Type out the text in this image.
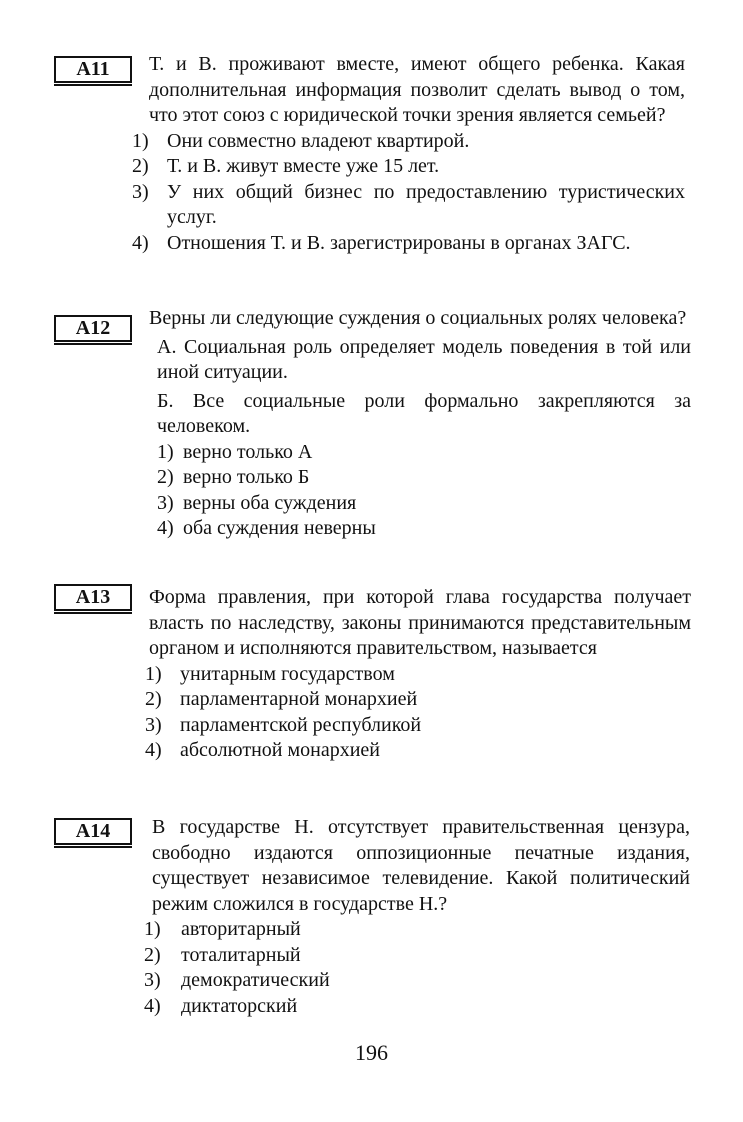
A11	Т. и В. проживают вместе, имеют общего ребенка. Какая дополнительная информация позволит сделать вывод о том, что этот союз с юридической точки зрения является семьей?
1) Они совместно владеют квартирой.
2) Т. и В. живут вместе уже 15 лет.
3) У них общий бизнес по предоставлению туристических услуг.
4) Отношения Т. и В. зарегистрированы в органах ЗАГС.
A12	Верны ли следующие суждения о социальных ролях человека?
А. Социальная роль определяет модель поведения в той или иной ситуации.
Б. Все социальные роли формально закрепляются за человеком.
1) верно только А
2) верно только Б
3) верны оба суждения
4) оба суждения неверны
A13	Форма правления, при которой глава государства получает власть по наследству, законы принимаются представительным органом и исполняются правительством, называется
1) унитарным государством
2) парламентарной монархией
3) парламентской республикой
4) абсолютной монархией
A14	В государстве Н. отсутствует правительственная цензура, свободно издаются оппозиционные печатные издания, существует независимое телевидение. Какой политический режим сложился в государстве Н.?
1)	авторитарный
2)	тоталитарный
3)	демократический
4)	диктаторский
196
